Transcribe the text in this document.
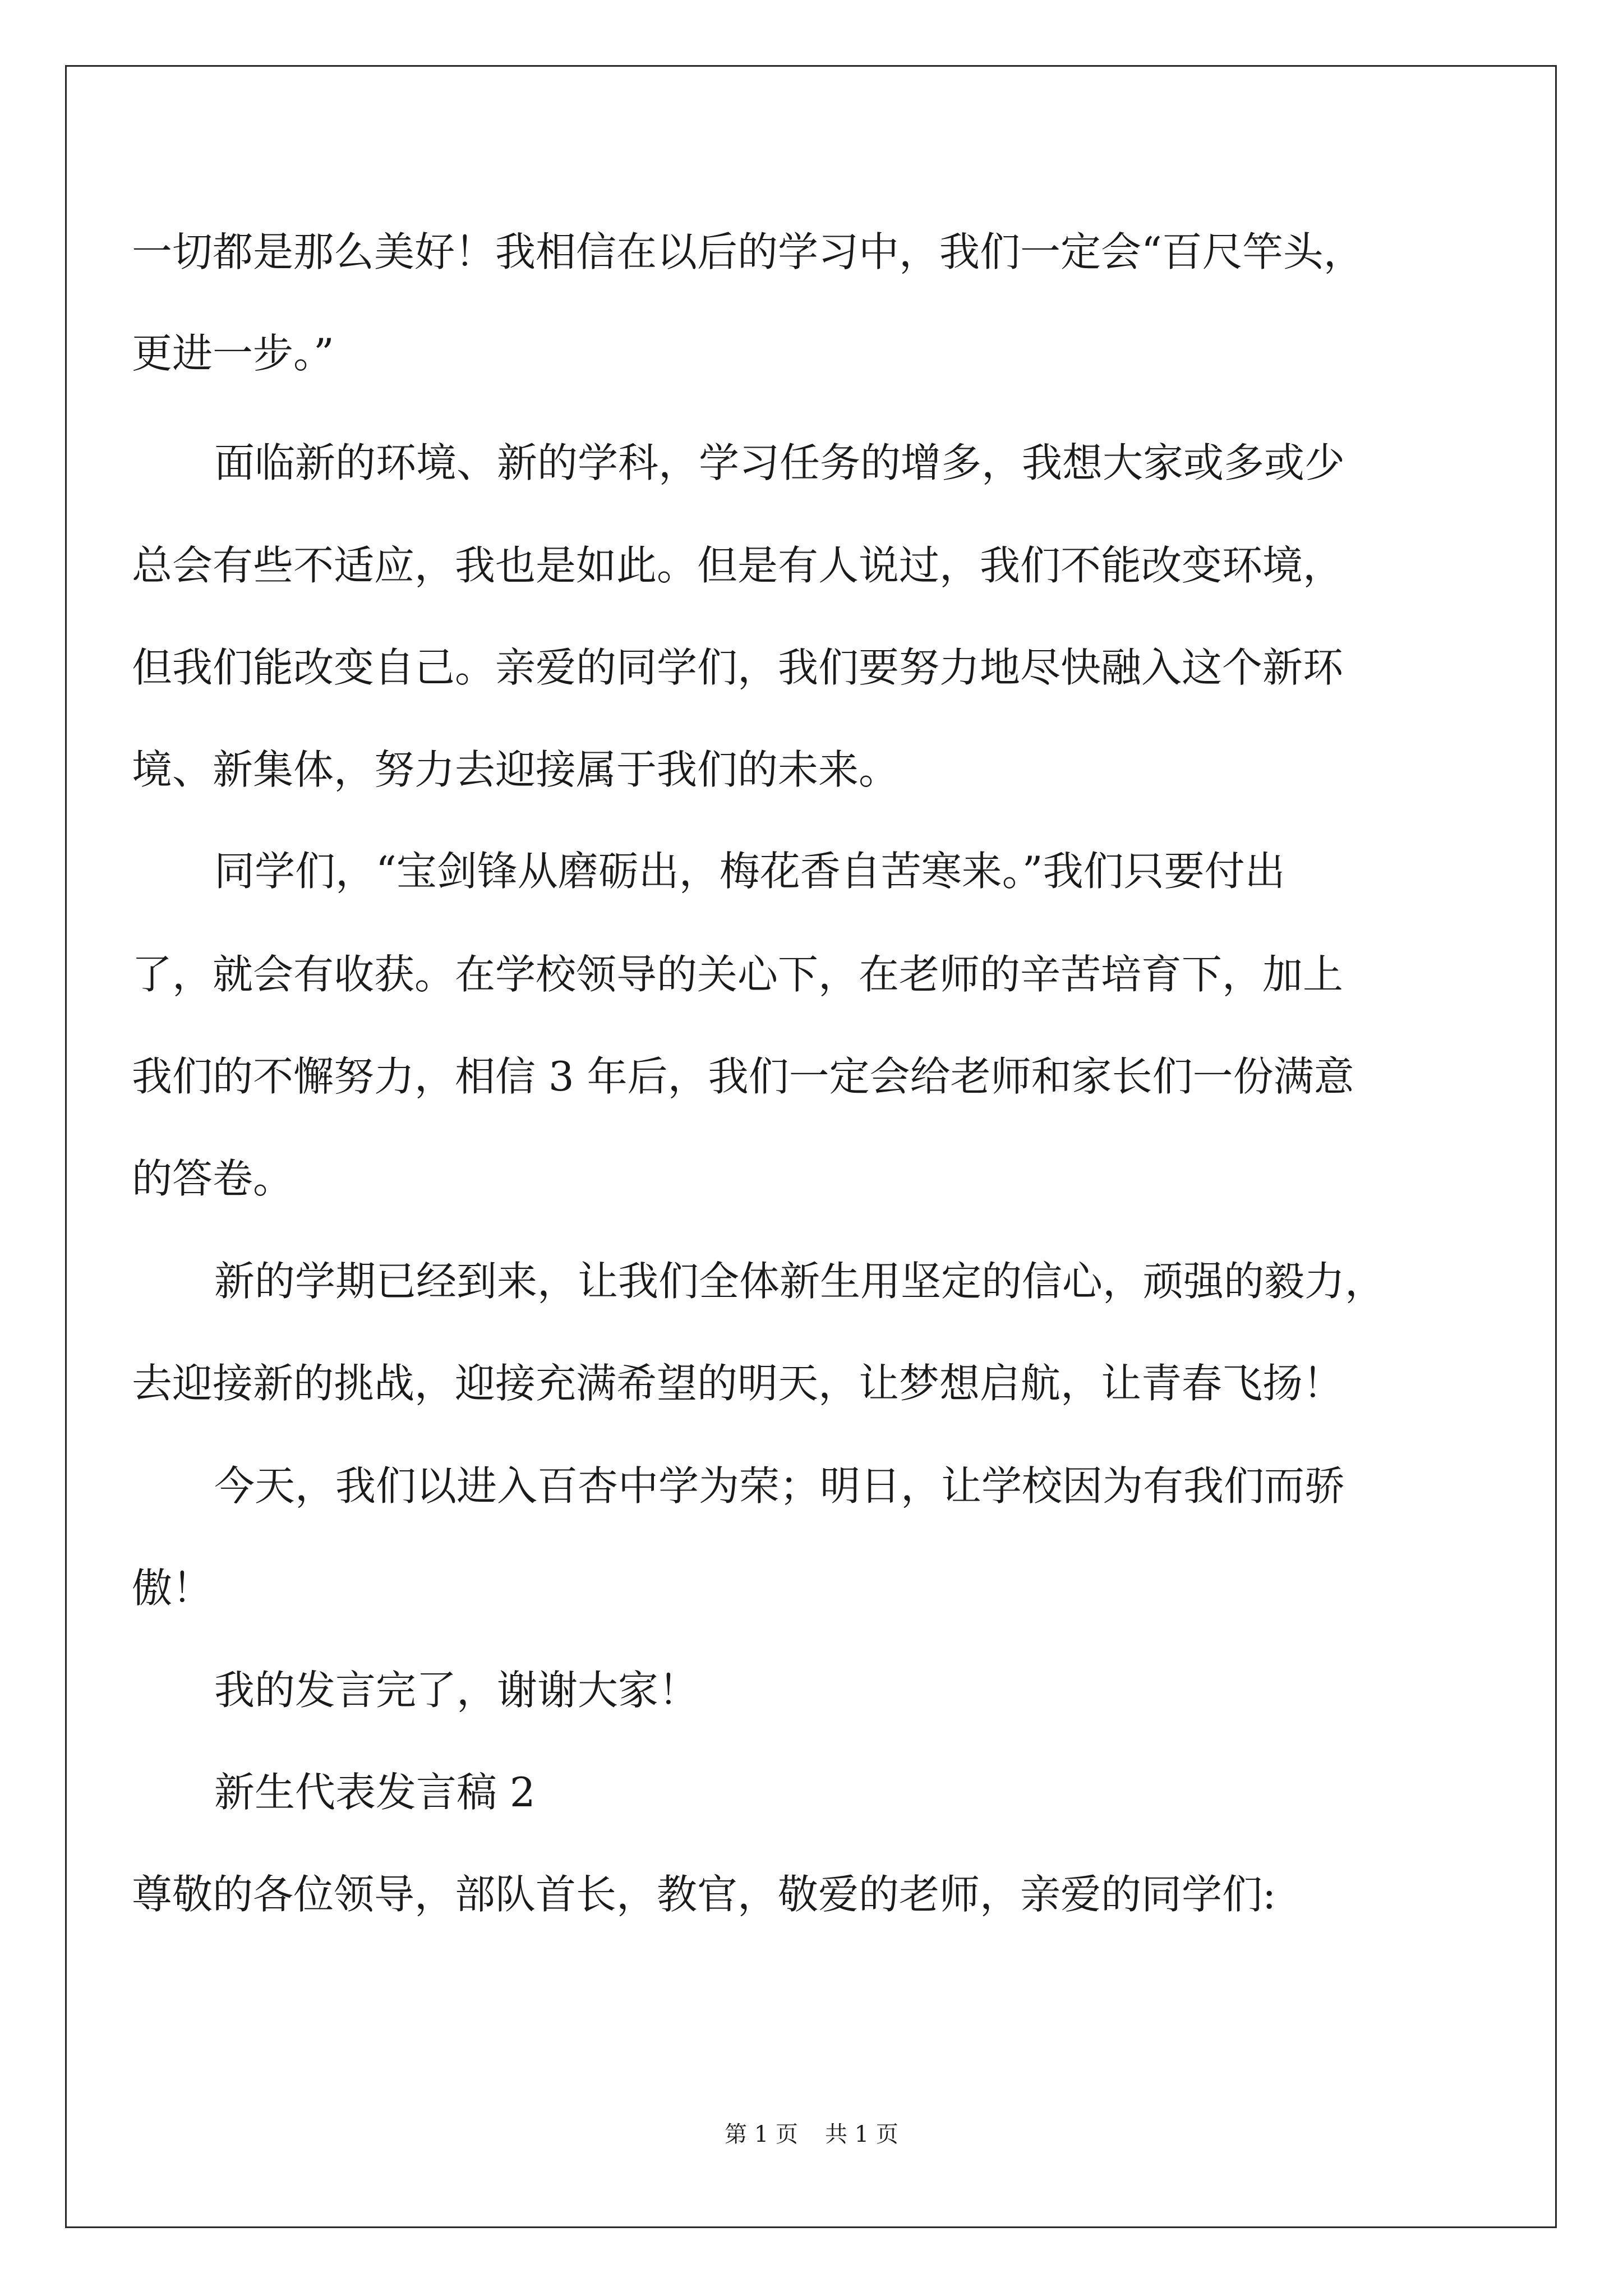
一切都是那么美好！我相信在以后的学习中，我们一定会“百尺竿头，
更进一步。”
面临新的环境、新的学科，学习任务的增多，我想大家或多或少
总会有些不适应，我也是如此。但是有人说过，我们不能改变环境，
但我们能改变自己。亲爱的同学们，我们要努力地尽快融入这个新环
境、新集体，努力去迎接属于我们的未来。
同学们，“宝剑锋从磨砺出，梅花香自苦寒来。”我们只要付出
了，就会有收获。在学校领导的关心下，在老师的辛苦培育下，加上
我们的不懈努力，相信 3 年后，我们一定会给老师和家长们一份满意
的答卷。
新的学期已经到来，让我们全体新生用坚定的信心，顽强的毅力，
去迎接新的挑战，迎接充满希望的明天，让梦想启航，让青春飞扬！
今天，我们以进入百杏中学为荣；明日，让学校因为有我们而骄
傲！
我的发言完了，谢谢大家！
新生代表发言稿 2
尊敬的各位领导，部队首长，教官，敬爱的老师，亲爱的同学们:
第 1 页 共 1 页
